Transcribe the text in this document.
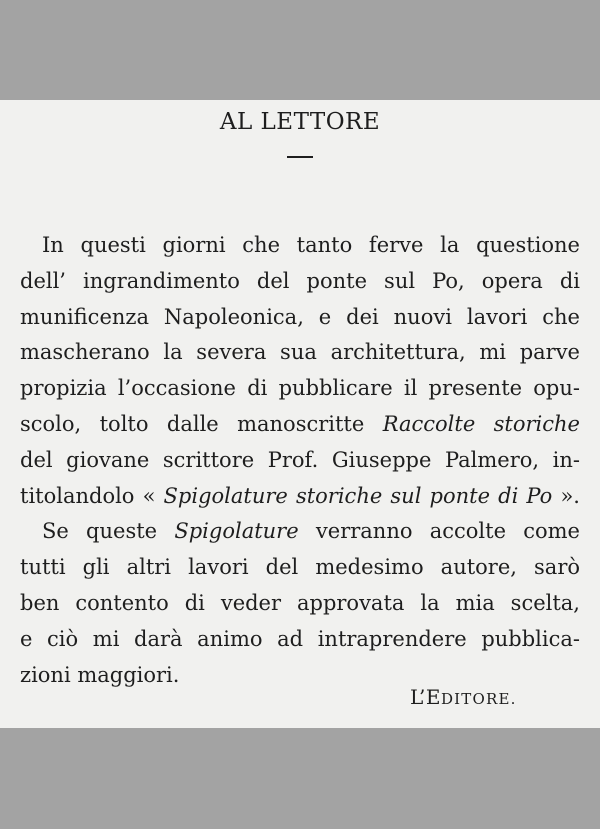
AL LETTORE
In questi giorni che tanto ferve la questione
dell’ ingrandimento del ponte sul Po, opera di
munificenza Napoleonica, e dei nuovi lavori che
mascherano la severa sua architettura, mi parve
propizia l’occasione di pubblicare il presente opu-
scolo, tolto dalle manoscritte Raccolte storiche
del giovane scrittore Prof. Giuseppe Palmero, in-
titolandolo « Spigolature storiche sul ponte di Po ».
Se queste Spigolature verranno accolte come
tutti gli altri lavori del medesimo autore, sarò
ben contento di veder approvata la mia scelta,
e ciò mi darà animo ad intraprendere pubblica-
zioni maggiori.
L’EDITORE.
